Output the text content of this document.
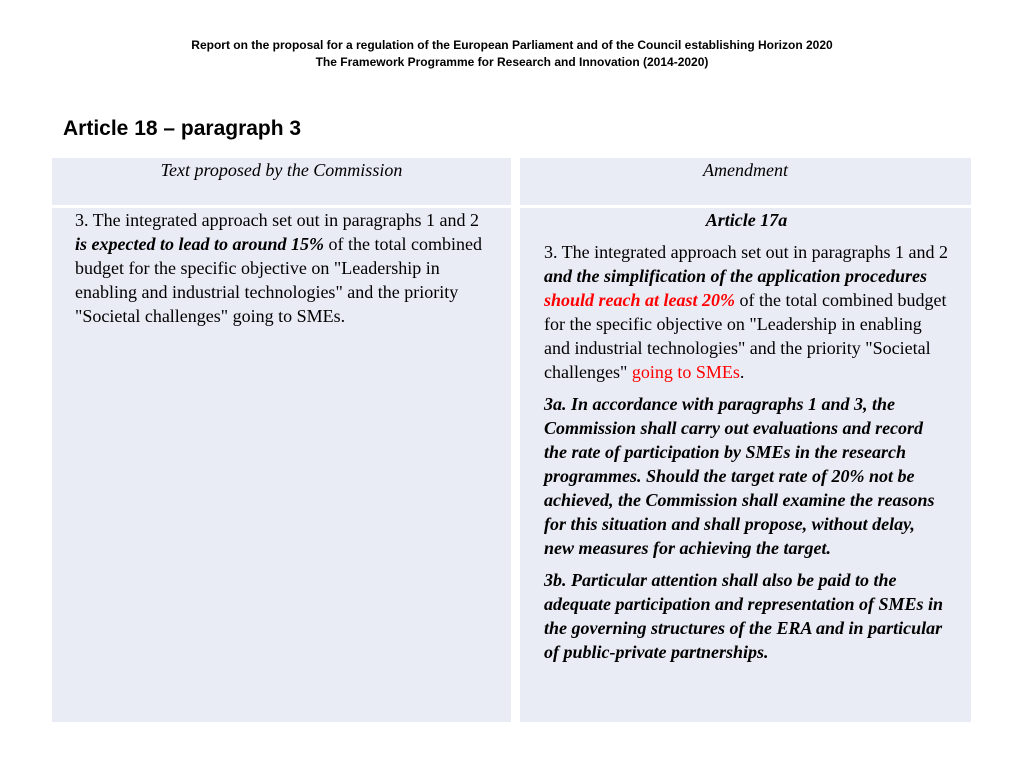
Report on the proposal for a regulation of the European Parliament and of the Council establishing Horizon 2020
The Framework Programme for Research and Innovation (2014-2020)
Article 18 – paragraph 3
Text proposed by the Commission	Amendment

3. The integrated approach set out in paragraphs 1 and 2 is expected to lead to around 15% of the total combined budget for the specific objective on "Leadership in enabling and industrial technologies" and the priority "Societal challenges" going to SMEs.

Article 17a

3. The integrated approach set out in paragraphs 1 and 2 and the simplification of the application procedures should reach at least 20% of the total combined budget for the specific objective on "Leadership in enabling and industrial technologies" and the priority "Societal challenges" going to SMEs.

3a. In accordance with paragraphs 1 and 3, the Commission shall carry out evaluations and record the rate of participation by SMEs in the research programmes. Should the target rate of 20% not be achieved, the Commission shall examine the reasons for this situation and shall propose, without delay, new measures for achieving the target.

3b. Particular attention shall also be paid to the adequate participation and representation of SMEs in the governing structures of the ERA and in particular of public-private partnerships.
